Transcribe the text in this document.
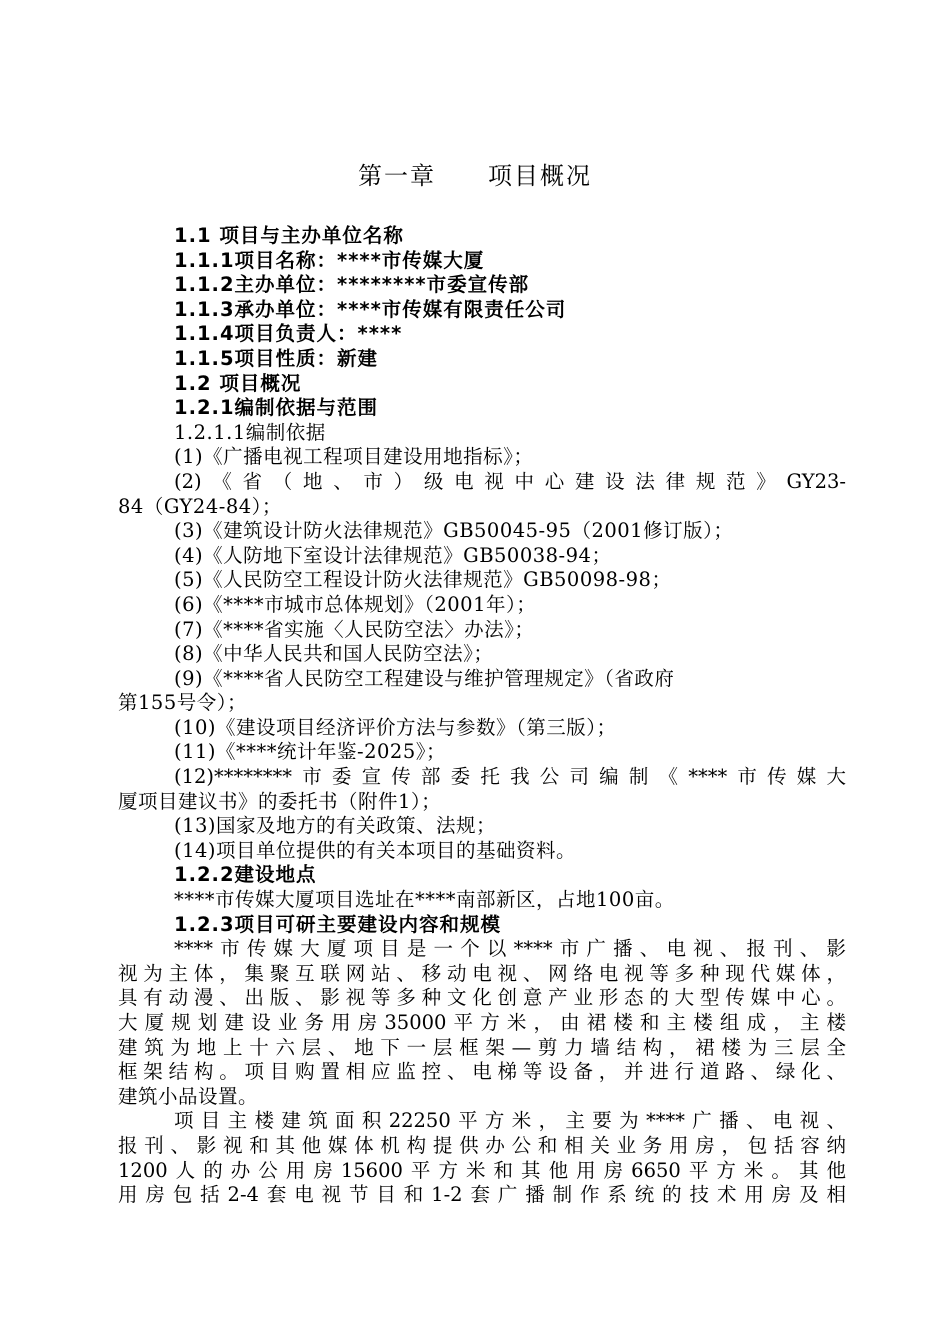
第一章　　项目概况
1.1 项目与主办单位名称
1.1.1项目名称：****市传媒大厦
1.1.2主办单位：********市委宣传部
1.1.3承办单位：****市传媒有限责任公司
1.1.4项目负责人：****
1.1.5项目性质：新建
1.2 项目概况
1.2.1编制依据与范围
1.2.1.1编制依据
(1)《广播电视工程项目建设用地指标》；
(2)《省（地、市）级电视中心建设法律规范》GY23-
84（GY24-84）；
(3)《建筑设计防火法律规范》GB50045-95（2001修订版）；
(4)《人防地下室设计法律规范》GB50038-94；
(5)《人民防空工程设计防火法律规范》GB50098-98；
(6)《****市城市总体规划》（2001年）；
(7)《****省实施〈人民防空法〉办法》；
(8)《中华人民共和国人民防空法》；
(9)《****省人民防空工程建设与维护管理规定》（省政府
第155号令）；
(10)《建设项目经济评价方法与参数》（第三版）；
(11)《****统计年鉴-2025》；
(12)********市委宣传部委托我公司编制《****市传媒大
厦项目建议书》的委托书（附件1）；
(13)国家及地方的有关政策、法规；
(14)项目单位提供的有关本项目的基础资料。
1.2.2建设地点
****市传媒大厦项目选址在****南部新区，占地100亩。
1.2.3项目可研主要建设内容和规模
****市传媒大厦项目是一个以****市广播、电视、报刊、影
视为主体，集聚互联网站、移动电视、网络电视等多种现代媒体，
具有动漫、出版、影视等多种文化创意产业形态的大型传媒中心。
大厦规划建设业务用房35000平方米，由裙楼和主楼组成，主楼
建筑为地上十六层、地下一层框架—剪力墙结构，裙楼为三层全
框架结构。项目购置相应监控、电梯等设备，并进行道路、绿化、
建筑小品设置。
项目主楼建筑面积22250平方米，主要为****广播、电视、
报刊、影视和其他媒体机构提供办公和相关业务用房，包括容纳
1200人的办公用房15600平方米和其他用房6650平方米。其他
用房包括2-4套电视节目和1-2套广播制作系统的技术用房及相
